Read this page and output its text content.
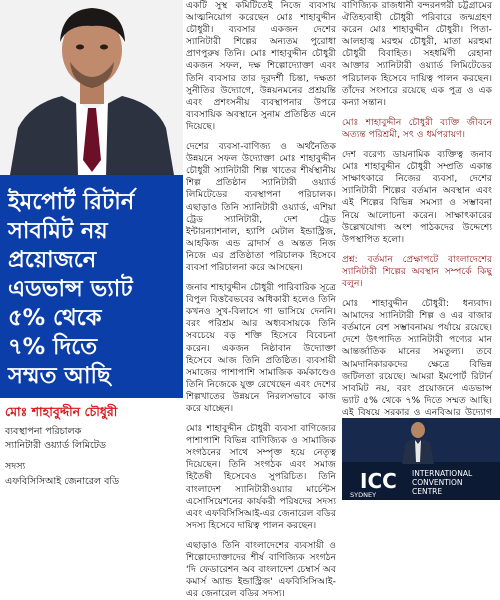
ইমপোর্ট রিটার্ন
সাবমিট নয়
প্রয়োজনে
এডভান্স ভ্যাট
৫% থেকে
৭% দিতে
সম্মত আছি
মোঃ শাহাবুদ্দীন চৌধুরী
ব্যবস্থাপনা পরিচালক
স্যানিটারী ওয়্যার্ড লিমিটেড
সদস্য
এফবিসিসিআই জেনারেল বডি

একটি সুস্থ কমিটিতেই নিজে ব্যবসায় আত্মনিয়োগ করেছেন মোঃ শাহাবুদ্দীন চৌধুরী। ব্যবসার একজন দেশের স্যানিটারী শিল্পের অন্যতম পুরোধা প্রাণপুরুষ তিনি। মোঃ শাহাবুদ্দীন চৌধুরী একজন সফল, দক্ষ শিল্পোদ্যোক্তা এবং তিনি ব্যবসার তার দূরদর্শী চিন্তা, দক্ষতা সুনীতির উদ্যোগে, উন্নয়নমনের প্রশ্রয়ন্তি এবং প্রশংসনীয় ব্যবস্থাপনার উপরে ব্যবসায়িক অবস্থানে সুনাম প্রতিষ্ঠিত এনে দিয়েছে।

দেশের ব্যবসা-বাণিজ্য ও অর্থনৈতিক উন্নয়নে সফল উদ্যোক্তা মোঃ শাহাবুদ্দীন চৌধুরী স্যানিটারী শিল্প খাতের শীর্ষস্থানীয় শিল্প প্রতিষ্ঠান স্যানিটারী ওয়্যার্ড লিমিটেডের ব্যবস্থাপনা পরিচালক। এছাড়াও তিনি স্যানিটারী ওয়্যার্ড, এশিয়া ট্রেড স্যানিটারী, দেশ ট্রেড ইন্টারন্যাশনাল, হ্যাপি মেটাল ইন্ডাস্ট্রিজ, আহকিজ এন্ড ব্রাদার্স ও অন্তত নিজ নিজে এর প্রতিষ্ঠাতা পরিচালক হিসেবে ব্যবসা পরিচালনা করে আসছেন।

জনাব শাহাবুদ্দীন চৌধুরী পারিবারিক সূত্রে বিপুল বিত্তবৈভবের অধিকারী হলেও তিনি কখনও সুখ-বিলাসে গা ভাসিয়ে দেননি। বরং পরিশ্রম আর অধ্যবসায়কে তিনি সবচেয়ে বড় শক্তি হিসেবে বিবেচনা করেন। একজন নিষ্ঠাবান উদ্যোক্তা হিসেবে আজ তিনি প্রতিষ্ঠিত। ব্যবসায়ী সমাজের পাশাপাশি সামাজিক কর্মকাণ্ডেও তিনি নিজেকে যুক্ত রেখেছেন এবং দেশের শিল্পখাতের উন্নয়নে নিরলসভাবে কাজ করে যাচ্ছেন।

মোঃ শাহাবুদ্দীন চৌধুরী ব্যবসা বাণিজ্যের পাশাপাশি বিভিন্ন বাণিজ্যিক ও সামাজিক সংগঠনের সাথে সম্পৃক্ত হয়ে নেতৃত্ব দিয়েছেন। তিনি সংগঠক এবং সমাজ হিতৈষী হিসেবেও সুপরিচিত। তিনি বাংলাদেশ স্যানিটারীওয়্যার মার্চেন্টস এসোসিয়েশনের কার্যকরী পরিষদের সদস্য এবং এফবিসিসিআই-এর জেনারেল বডির সদস্য হিসেবে দায়িত্ব পালন করছেন।

এছাড়াও তিনি বাংলাদেশের ব্যবসায়ী ও শিল্পোদ্যোক্তাদের শীর্ষ বাণিজ্যিক সংগঠন 'দি ফেডারেশন অব বাংলাদেশ চেম্বার্স অব কমার্স অ্যান্ড ইন্ডাস্ট্রিজ' এফবিসিসিআই-এর জেনারেল বডির সদস্য।

বাণিজ্যিক রাজধানী বন্দরনগরী চট্টগ্রামের ঐতিহ্যবাহী চৌধুরী পরিবারে জন্মগ্রহণ করেন মোঃ শাহাবুদ্দীন চৌধুরী। পিতা-আলহাজ্ব মরহুম চৌধুরী, মাতা মরহুমা চৌধুরী বিবাহিত। সহধর্মিণী রেহানা আক্তার স্যানিটারী ওয়্যার্ড লিমিটেডের পরিচালক হিসেবে দায়িত্ব পালন করছেন। তাঁদের সংসারে রয়েছে এক পুত্র ও এক কন্যা সন্তান।

মোঃ শাহাবুদ্দীন চৌধুরী ব্যক্তি জীবনে অত্যন্ত পরিশ্রমী, সৎ ও ধর্মপরায়ণ।

দেশ বরেণ্য ডায়নামিক ব্যক্তিত্ব জনাব মোঃ শাহাবুদ্দীন চৌধুরী সম্প্রতি একান্ত সাক্ষাৎকারে নিজের ব্যবসা, দেশের স্যানিটারী শিল্পের বর্তমান অবস্থান এবং এই শিল্পের বিভিন্ন সমস্যা ও সম্ভাবনা নিয়ে আলোচনা করেন। সাক্ষাৎকারের উল্লেখযোগ্য অংশ পাঠকদের উদ্দেশ্যে উপস্থাপিত হলো।

প্রশ্ন: বর্তমান প্রেক্ষাপটে বাংলাদেশের স্যানিটারী শিল্পের অবস্থান সম্পর্কে কিছু বলুন।

মোঃ শাহাবুদ্দীন চৌধুরী: ধন্যবাদ। আমাদের স্যানিটারী শিল্প ও এর বাজার বর্তমানে বেশ সম্ভাবনাময় পর্যায়ে রয়েছে। দেশে উৎপাদিত স্যানিটারী পণ্যের মান আন্তর্জাতিক মানের সমতুল্য। তবে আমদানিকারকদের ক্ষেত্রে বিভিন্ন জটিলতা রয়েছে। আমরা ইমপোর্ট রিটার্ন সাবমিট নয়, বরং প্রয়োজনে এডভান্স ভ্যাট ৫% থেকে ৭% দিতে সম্মত আছি। এই বিষয়ে সরকার ও এনবিআর উদ্যোগ

ICC
SYDNEY
INTERNATIONAL
CONVENTION
CENTRE
